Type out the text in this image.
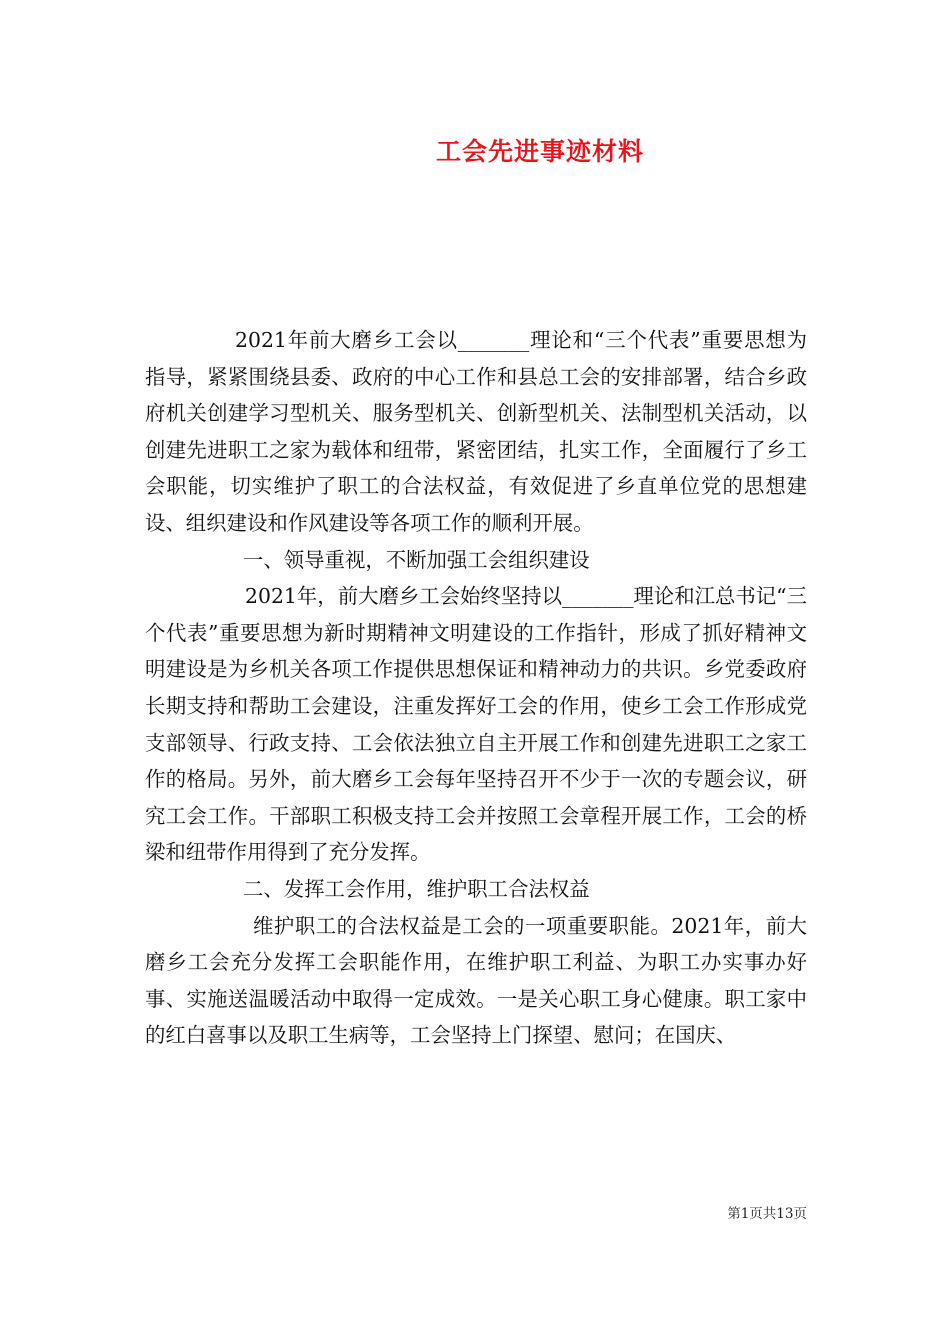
工会先进事迹材料

2021年前大磨乡工会以_______理论和“三个代表”重要思想为指导，紧紧围绕县委、政府的中心工作和县总工会的安排部署，结合乡政府机关创建学习型机关、服务型机关、创新型机关、法制型机关活动，以创建先进职工之家为载体和纽带，紧密团结，扎实工作，全面履行了乡工会职能，切实维护了职工的合法权益，有效促进了乡直单位党的思想建设、组织建设和作风建设等各项工作的顺利开展。

一、领导重视，不断加强工会组织建设

2021年，前大磨乡工会始终坚持以_______理论和江总书记“三个代表”重要思想为新时期精神文明建设的工作指针，形成了抓好精神文明建设是为乡机关各项工作提供思想保证和精神动力的共识。乡党委政府长期支持和帮助工会建设，注重发挥好工会的作用，使乡工会工作形成党支部领导、行政支持、工会依法独立自主开展工作和创建先进职工之家工作的格局。另外，前大磨乡工会每年坚持召开不少于一次的专题会议，研究工会工作。干部职工积极支持工会并按照工会章程开展工作，工会的桥梁和纽带作用得到了充分发挥。

二、发挥工会作用，维护职工合法权益

维护职工的合法权益是工会的一项重要职能。2021年，前大磨乡工会充分发挥工会职能作用，在维护职工利益、为职工办实事办好事、实施送温暖活动中取得一定成效。一是关心职工身心健康。职工家中的红白喜事以及职工生病等，工会坚持上门探望、慰问；在国庆、

第1页共13页
